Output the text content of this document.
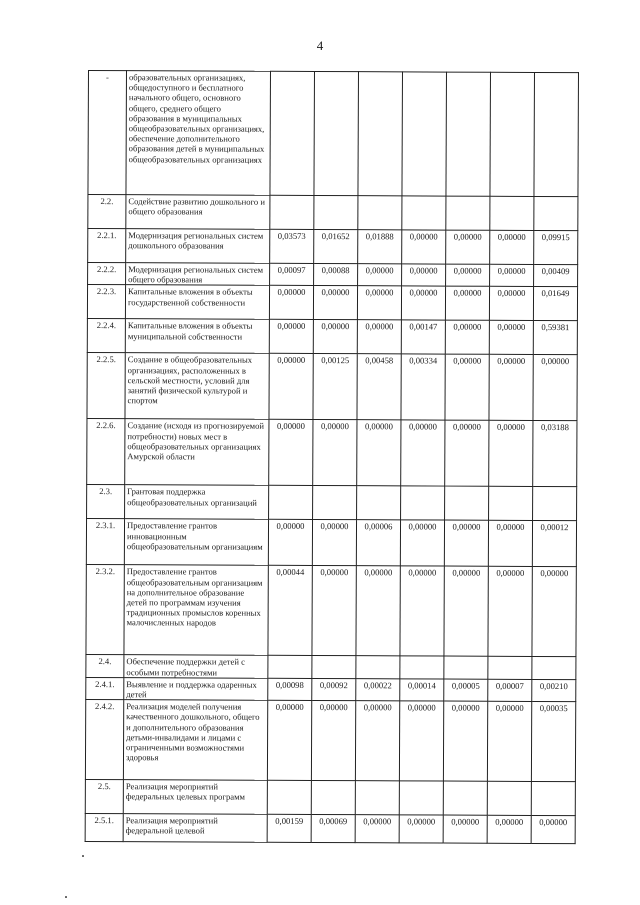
4
-	образовательных организациях, общедоступного и бесплатного начального общего, основного общего, среднего общего образования в муниципальных общеобразовательных организациях, обеспечение дополнительного образования детей в муниципальных общеобразовательных организациях							
2.2.	Содействие развитию дошкольного и общего образования							
2.2.1.	Модернизация региональных систем дошкольного образования	0,03573	0,01652	0,01888	0,00000	0,00000	0,00000	0,09915
2.2.2.	Модернизация региональных систем общего образования	0,00097	0,00088	0,00000	0,00000	0,00000	0,00000	0,00409
2.2.3.	Капитальные вложения в объекты государственной собственности	0,00000	0,00000	0,00000	0,00000	0,00000	0,00000	0,01649
2.2.4.	Капитальные вложения в объекты муниципальной собственности	0,00000	0,00000	0,00000	0,00147	0,00000	0,00000	0,59381
2.2.5.	Создание в общеобразовательных организациях, расположенных в сельской местности, условий для занятий физической культурой и спортом	0,00000	0,00125	0,00458	0,00334	0,00000	0,00000	0,00000
2.2.6.	Создание (исходя из прогнозируемой потребности) новых мест в общеобразовательных организациях Амурской области	0,00000	0,00000	0,00000	0,00000	0,00000	0,00000	0,03188
2.3.	Грантовая поддержка общеобразовательных организаций							
2.3.1.	Предоставление грантов инновационным общеобразовательным организациям	0,00000	0,00000	0,00006	0,00000	0,00000	0,00000	0,00012
2.3.2.	Предоставление грантов общеобразовательным организациям на дополнительное образование детей по программам изучения традиционных промыслов коренных малочисленных народов	0,00044	0,00000	0,00000	0,00000	0,00000	0,00000	0,00000
2.4.	Обеспечение поддержки детей с особыми потребностями							
2.4.1.	Выявление и поддержка одаренных детей	0,00098	0,00092	0,00022	0,00014	0,00005	0,00007	0,00210
2.4.2.	Реализация моделей получения качественного дошкольного, общего и дополнительного образования детьми-инвалидами и лицами с ограниченными возможностями здоровья	0,00000	0,00000	0,00000	0,00000	0,00000	0,00000	0,00035
2.5.	Реализация мероприятий федеральных целевых программ							
2.5.1.	Реализация мероприятий федеральной целевой	0,00159	0,00069	0,00000	0,00000	0,00000	0,00000	0,00000
